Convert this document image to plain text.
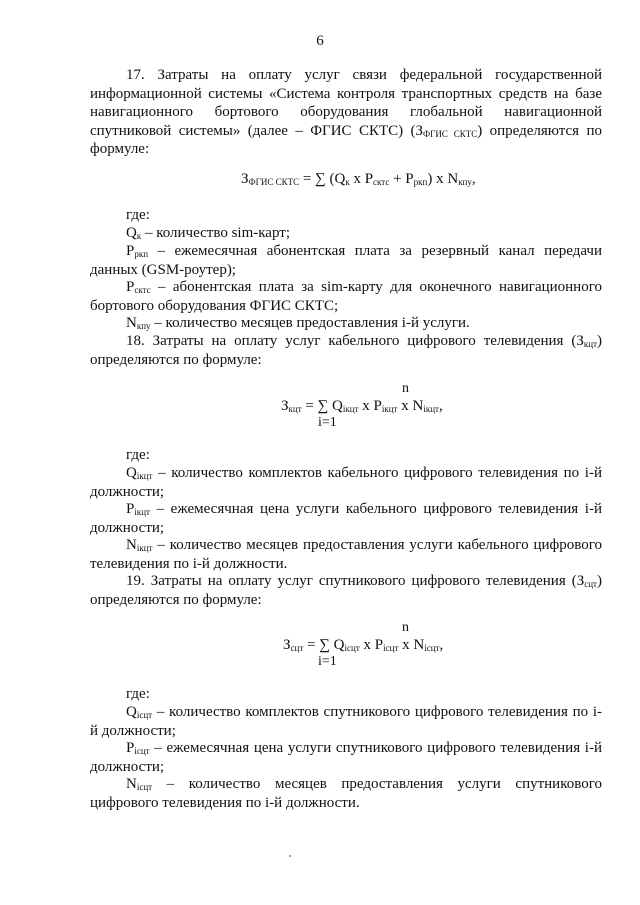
6
17. Затраты на оплату услуг связи федеральной государственной информационной системы «Система контроля транспортных средств на базе навигационного бортового оборудования глобальной навигационной спутниковой системы» (далее – ФГИС СКТС) $(З_{ФГИС СКТС})$ определяются по формуле:
$З_{ФГИС СКТС}$ = ∑ ($Q_к$ х $Р_{сктс} + Р_{ркп}$) х $N_{кпу}$,
где:
$Q_к$ – количество sim-карт;
$Р_{ркп}$ – ежемесячная абонентская плата за резервный канал передачи данных (GSM-роутер);
$Р_{сктс}$ – абонентская плата за sim-карту для оконечного навигационного бортового оборудования ФГИС СКТС;
$N_{кпу}$ – количество месяцев предоставления i-й услуги.
18. Затраты на оплату услуг кабельного цифрового телевидения $(З_{кцт})$ определяются по формуле:
n
$З_{кцт}$ = ∑ $Q_{iкцт}$ х $Р_{iкцт}$ х $N_{iкцт}$,
i=1
где:
$Q_{iкцт}$ – количество комплектов кабельного цифрового телевидения по i-й должности;
$Р_{iкцт}$ – ежемесячная цена услуги кабельного цифрового телевидения i-й должности;
$N_{iкцт}$ – количество месяцев предоставления услуги кабельного цифрового телевидения по i-й должности.
19. Затраты на оплату услуг спутникового цифрового телевидения $(З_{сцт})$ определяются по формуле:
n
$З_{сцт}$ = ∑ $Q_{iсцт}$ х $Р_{iсцт}$ х $N_{iсцт}$,
i=1
где:
$Q_{iсцт}$ – количество комплектов спутникового цифрового телевидения по i-й должности;
$Р_{iсцт}$ – ежемесячная цена услуги спутникового цифрового телевидения i-й должности;
$N_{iсцт}$ – количество месяцев предоставления услуги спутникового цифрового телевидения по i-й должности.
